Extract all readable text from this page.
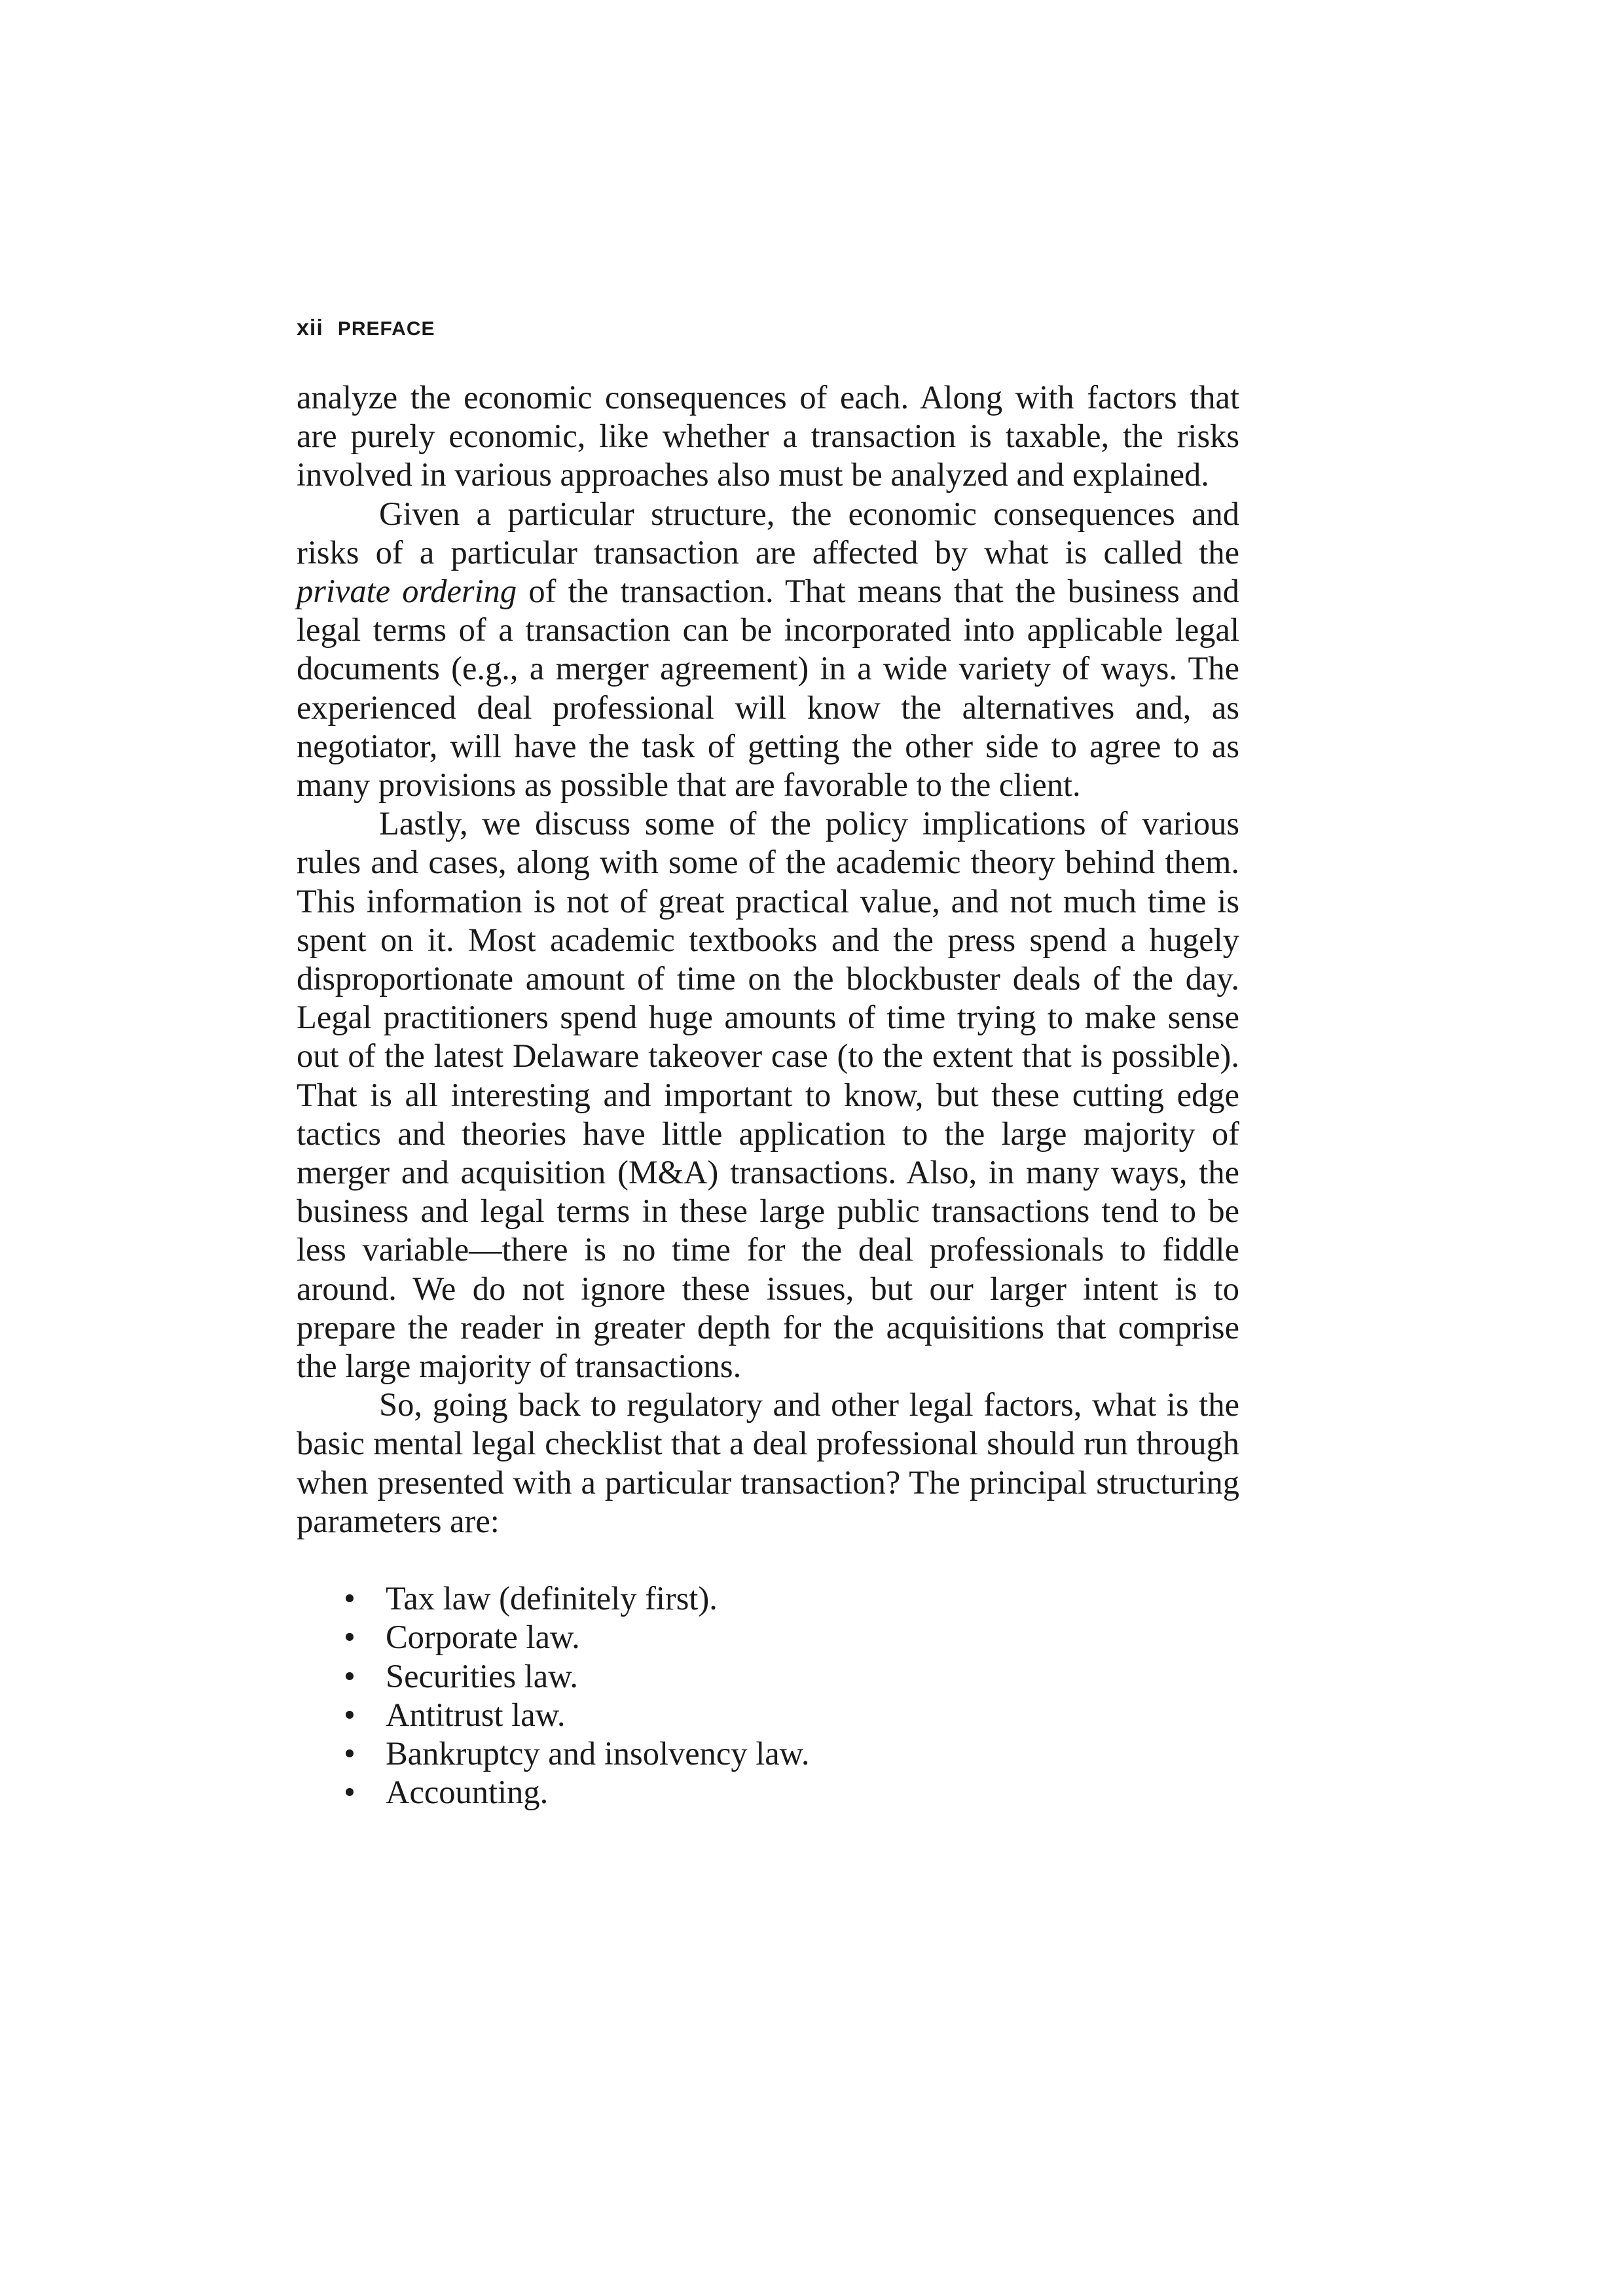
xii PREFACE

analyze the economic consequences of each. Along with factors that are purely economic, like whether a transaction is taxable, the risks involved in various approaches also must be analyzed and explained.

Given a particular structure, the economic consequences and risks of a particular transaction are affected by what is called the private ordering of the transaction. That means that the business and legal terms of a transaction can be incorporated into applicable legal documents (e.g., a merger agreement) in a wide variety of ways. The experienced deal professional will know the alternatives and, as negotiator, will have the task of getting the other side to agree to as many provisions as possible that are favorable to the client.

Lastly, we discuss some of the policy implications of various rules and cases, along with some of the academic theory behind them. This information is not of great practical value, and not much time is spent on it. Most academic textbooks and the press spend a hugely disproportionate amount of time on the blockbuster deals of the day. Legal practitioners spend huge amounts of time trying to make sense out of the latest Delaware takeover case (to the extent that is possible). That is all interesting and important to know, but these cutting edge tactics and theories have little application to the large majority of merger and acquisition (M&A) transactions. Also, in many ways, the business and legal terms in these large public transactions tend to be less variable—there is no time for the deal professionals to fiddle around. We do not ignore these issues, but our larger intent is to prepare the reader in greater depth for the acquisitions that comprise the large majority of transactions.

So, going back to regulatory and other legal factors, what is the basic mental legal checklist that a deal professional should run through when presented with a particular transaction? The principal structuring parameters are:

• Tax law (definitely first).
• Corporate law.
• Securities law.
• Antitrust law.
• Bankruptcy and insolvency law.
• Accounting.
